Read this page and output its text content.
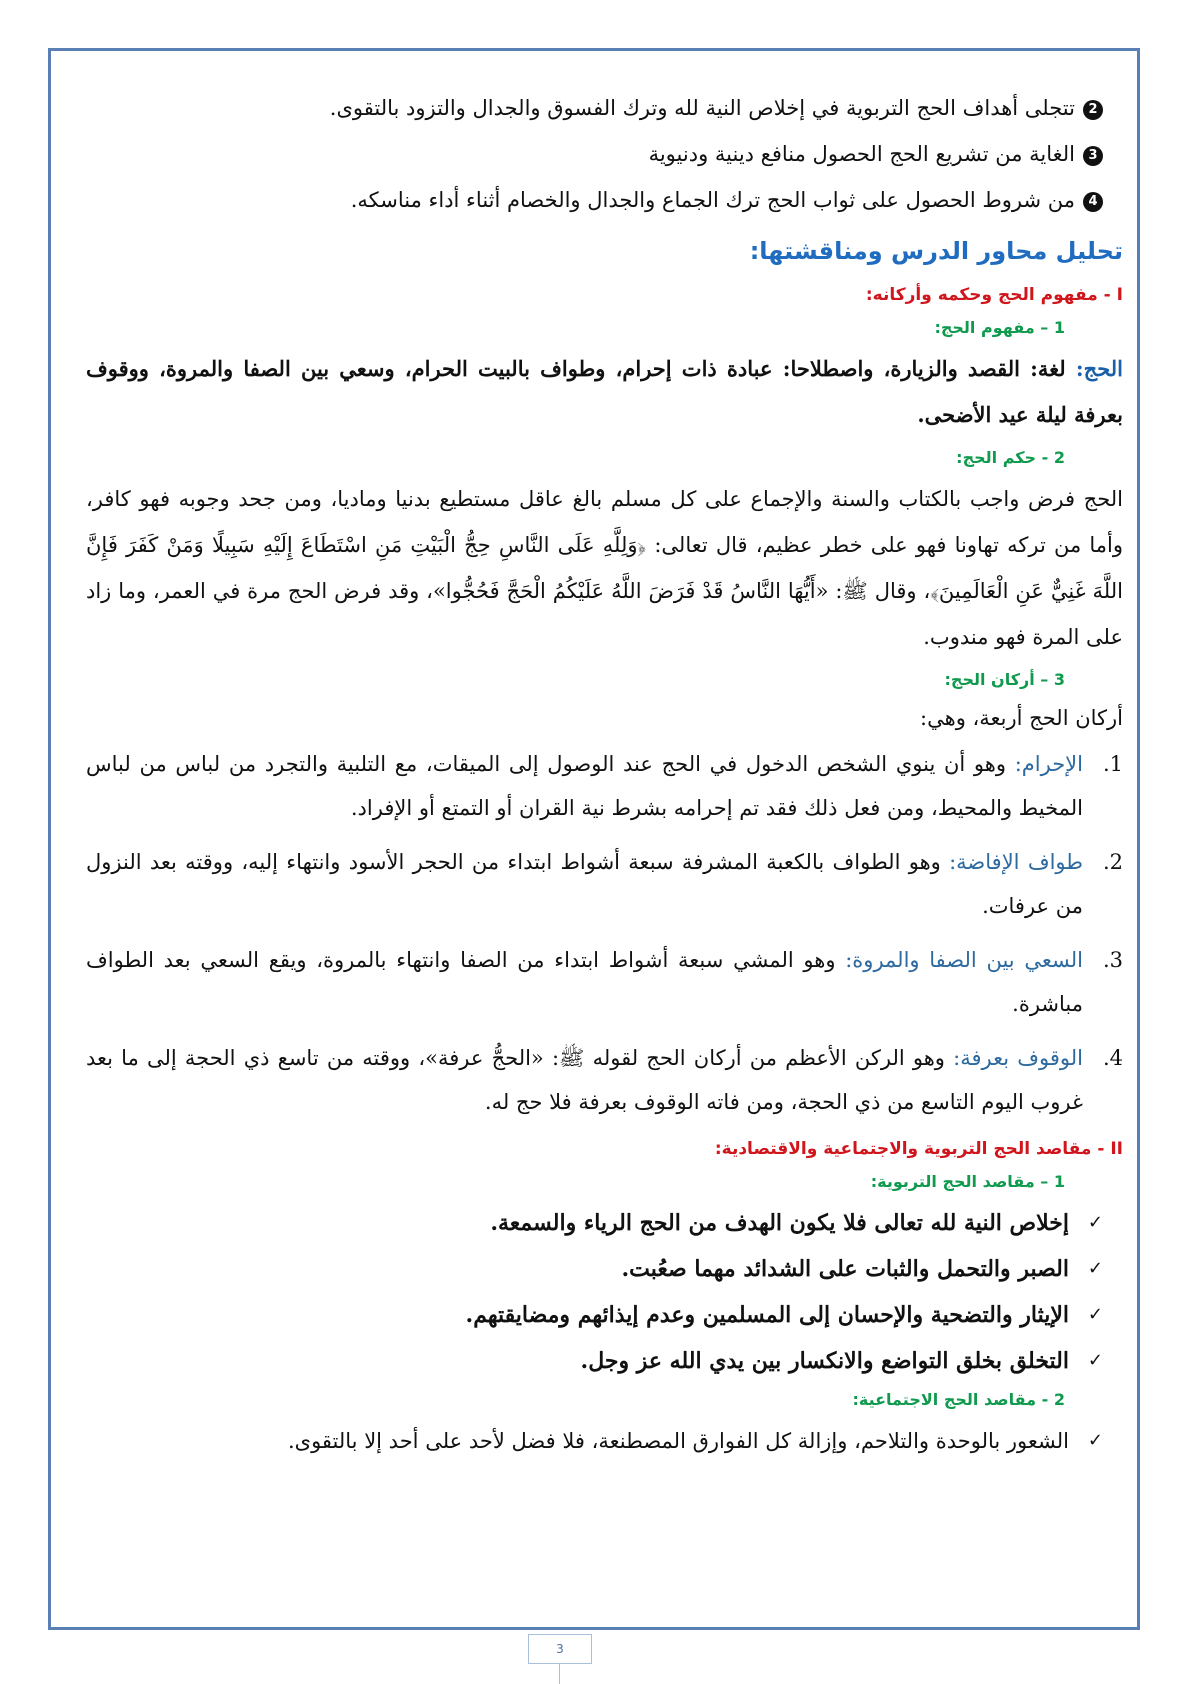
2تتجلى أهداف الحج التربوية في إخلاص النية لله وترك الفسوق والجدال والتزود بالتقوى.
3الغاية من تشريع الحج الحصول منافع دينية ودنيوية
4من شروط الحصول على ثواب الحج ترك الجماع والجدال والخصام أثناء أداء مناسكه.
تحليل محاور الدرس ومناقشتها:
I - مفهوم الحج وحكمه وأركانه:
1 – مفهوم الحج:
الحج: لغة: القصد والزيارة، واصطلاحا: عبادة ذات إحرام، وطواف بالبيت الحرام، وسعي بين الصفا والمروة، ووقوف بعرفة ليلة عيد الأضحى.
2 - حكم الحج:
الحج فرض واجب بالكتاب والسنة والإجماع على كل مسلم بالغ عاقل مستطيع بدنيا وماديا، ومن جحد وجوبه فهو كافر، وأما من تركه تهاونا فهو على خطر عظيم، قال تعالى: ﴿وَلِلَّهِ عَلَى النَّاسِ حِجُّ الْبَيْتِ مَنِ اسْتَطَاعَ إِلَيْهِ سَبِيلًا وَمَنْ كَفَرَ فَإِنَّ اللَّهَ غَنِيٌّ عَنِ الْعَالَمِينَ﴾، وقال ﷺ: «أَيُّهَا النَّاسُ قَدْ فَرَضَ اللَّهُ عَلَيْكُمُ الْحَجَّ فَحُجُّوا»، وقد فرض الحج مرة في العمر، وما زاد على المرة فهو مندوب.
3 – أركان الحج:
أركان الحج أربعة، وهي:
1.
الإحرام: وهو أن ينوي الشخص الدخول في الحج عند الوصول إلى الميقات، مع التلبية والتجرد من لباس من لباس المخيط والمحيط، ومن فعل ذلك فقد تم إحرامه بشرط نية القران أو التمتع أو الإفراد.
2.
طواف الإفاضة: وهو الطواف بالكعبة المشرفة سبعة أشواط ابتداء من الحجر الأسود وانتهاء إليه، ووقته بعد النزول من عرفات.
3.
السعي بين الصفا والمروة: وهو المشي سبعة أشواط ابتداء من الصفا وانتهاء بالمروة، ويقع السعي بعد الطواف مباشرة.
4.
الوقوف بعرفة: وهو الركن الأعظم من أركان الحج لقوله ﷺ: «الحجُّ عرفة»، ووقته من تاسع ذي الحجة إلى ما بعد غروب اليوم التاسع من ذي الحجة، ومن فاته الوقوف بعرفة فلا حج له.
II - مقاصد الحج التربوية والاجتماعية والاقتصادية:
1 – مقاصد الحج التربوية:
✓
إخلاص النية لله تعالى فلا يكون الهدف من الحج الرياء والسمعة.
✓
الصبر والتحمل والثبات على الشدائد مهما صعُبت.
✓
الإيثار والتضحية والإحسان إلى المسلمين وعدم إيذائهم ومضايقتهم.
✓
التخلق بخلق التواضع والانكسار بين يدي الله عز وجل.
2 - مقاصد الحج الاجتماعية:
✓
الشعور بالوحدة والتلاحم، وإزالة كل الفوارق المصطنعة، فلا فضل لأحد على أحد إلا بالتقوى.
3
